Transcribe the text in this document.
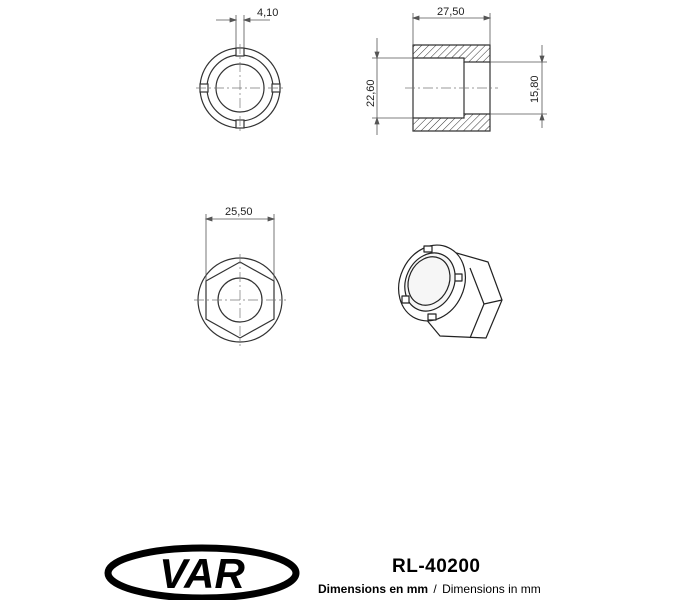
4,10	27,50
22,60	15,80
25,50
VAR	RL-40200
Dimensions en mm / Dimensions in mm
